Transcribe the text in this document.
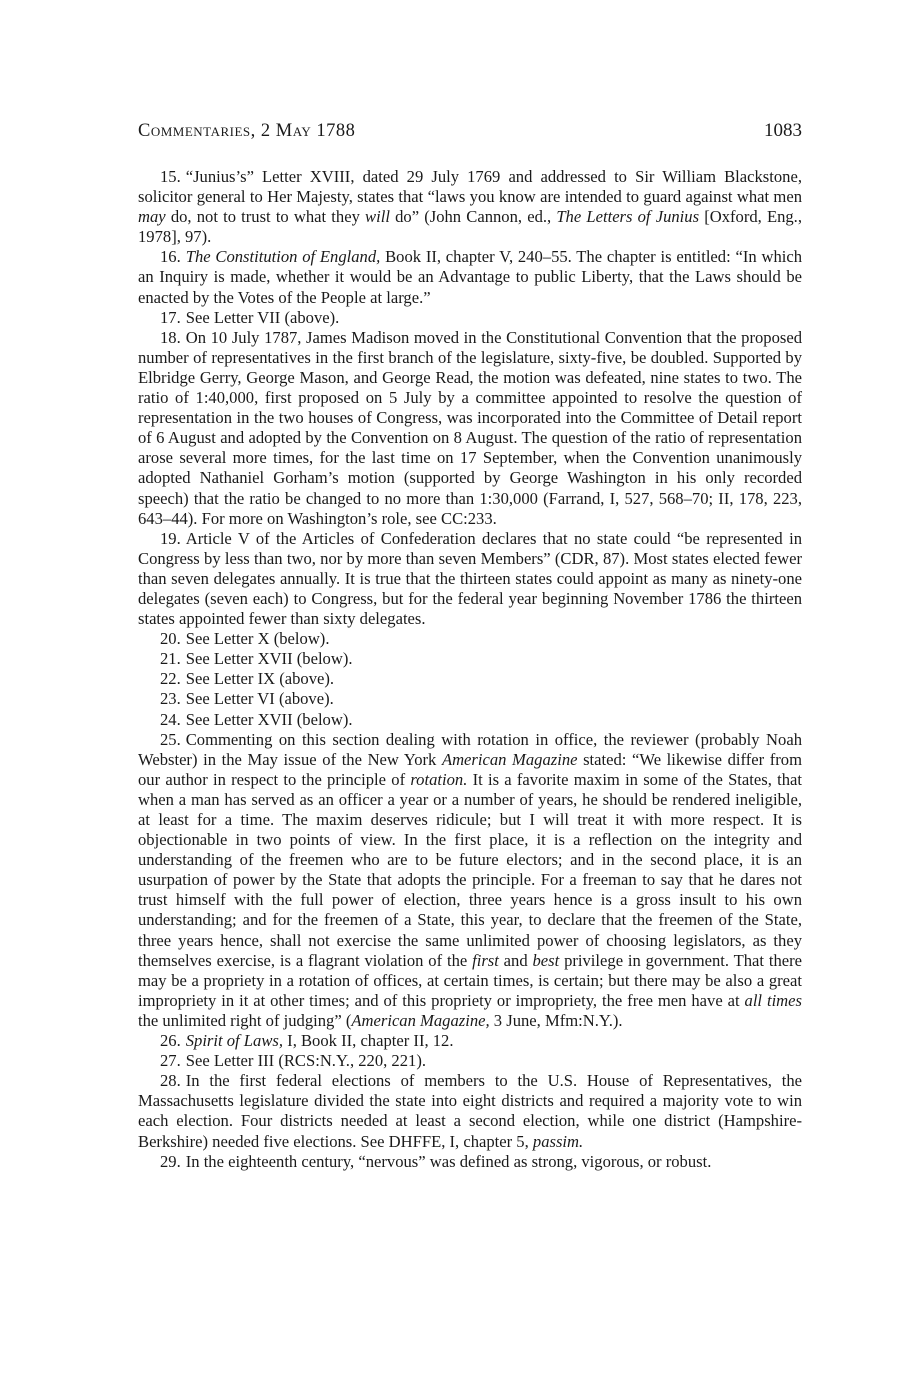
Commentaries, 2 May 1788	1083

15. “Junius’s” Letter XVIII, dated 29 July 1769 and addressed to Sir William Blackstone, solicitor general to Her Majesty, states that “laws you know are intended to guard against what men may do, not to trust to what they will do” (John Cannon, ed., The Letters of Junius [Oxford, Eng., 1978], 97).

16. The Constitution of England, Book II, chapter V, 240–55. The chapter is entitled: “In which an Inquiry is made, whether it would be an Advantage to public Liberty, that the Laws should be enacted by the Votes of the People at large.”

17. See Letter VII (above).

18. On 10 July 1787, James Madison moved in the Constitutional Convention that the proposed number of representatives in the first branch of the legislature, sixty-five, be doubled. Supported by Elbridge Gerry, George Mason, and George Read, the motion was defeated, nine states to two. The ratio of 1:40,000, first proposed on 5 July by a committee appointed to resolve the question of representation in the two houses of Congress, was incorporated into the Committee of Detail report of 6 August and adopted by the Convention on 8 August. The question of the ratio of representation arose several more times, for the last time on 17 September, when the Convention unanimously adopted Nathaniel Gorham’s motion (supported by George Washington in his only recorded speech) that the ratio be changed to no more than 1:30,000 (Farrand, I, 527, 568–70; II, 178, 223, 643–44). For more on Washington’s role, see CC:233.

19. Article V of the Articles of Confederation declares that no state could “be represented in Congress by less than two, nor by more than seven Members” (CDR, 87). Most states elected fewer than seven delegates annually. It is true that the thirteen states could appoint as many as ninety-one delegates (seven each) to Congress, but for the federal year beginning November 1786 the thirteen states appointed fewer than sixty delegates.

20. See Letter X (below).

21. See Letter XVII (below).

22. See Letter IX (above).

23. See Letter VI (above).

24. See Letter XVII (below).

25. Commenting on this section dealing with rotation in office, the reviewer (probably Noah Webster) in the May issue of the New York American Magazine stated: “We likewise differ from our author in respect to the principle of rotation. It is a favorite maxim in some of the States, that when a man has served as an officer a year or a number of years, he should be rendered ineligible, at least for a time. The maxim deserves ridicule; but I will treat it with more respect. It is objectionable in two points of view. In the first place, it is a reflection on the integrity and understanding of the freemen who are to be future electors; and in the second place, it is an usurpation of power by the State that adopts the principle. For a freeman to say that he dares not trust himself with the full power of election, three years hence is a gross insult to his own understanding; and for the freemen of a State, this year, to declare that the freemen of the State, three years hence, shall not exercise the same unlimited power of choosing legislators, as they themselves exercise, is a flagrant violation of the first and best privilege in government. That there may be a propriety in a rotation of offices, at certain times, is certain; but there may be also a great impropriety in it at other times; and of this propriety or impropriety, the free men have at all times the unlimited right of judging” (American Magazine, 3 June, Mfm:N.Y.).

26. Spirit of Laws, I, Book II, chapter II, 12.

27. See Letter III (RCS:N.Y., 220, 221).

28. In the first federal elections of members to the U.S. House of Representatives, the Massachusetts legislature divided the state into eight districts and required a majority vote to win each election. Four districts needed at least a second election, while one district (Hampshire-Berkshire) needed five elections. See DHFFE, I, chapter 5, passim.

29. In the eighteenth century, “nervous” was defined as strong, vigorous, or robust.
